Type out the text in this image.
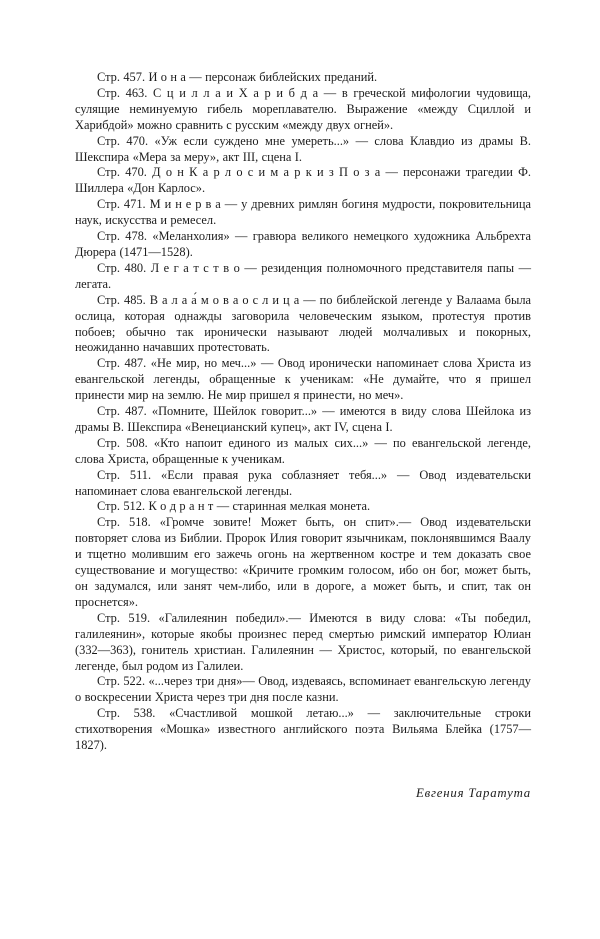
Стр. 457. И о н а — персонаж библейских преданий.

Стр. 463. С ц и л л а и Х а р и б д а — в греческой мифологии чудовища, сулящие неминуемую гибель мореплавателю. Выражение «между Сциллой и Харибдой» можно сравнить с русским «между двух огней».

Стр. 470. «Уж если суждено мне умереть...» — слова Клавдио из драмы В. Шекспира «Мера за меру», акт III, сцена I.

Стр. 470. Д о н К а р л о с и м а р к и з П о з а — персонажи трагедии Ф. Шиллера «Дон Карлос».

Стр. 471. М и н е р в а — у древних римлян богиня мудрости, покровительница наук, искусства и ремесел.

Стр. 478. «Меланхолия» — гравюра великого немецкого художника Альбрехта Дюрера (1471—1528).

Стр. 480. Л е г а т с т в о — резиденция полномочного представителя папы — легата.

Стр. 485. В а л а а́ м о в а о с л и ц а — по библейской легенде у Валаама была ослица, которая однажды заговорила человеческим языком, протестуя против побоев; обычно так иронически называют людей молчаливых и покорных, неожиданно начавших протестовать.

Стр. 487. «Не мир, но меч...» — Овод иронически напоминает слова Христа из евангельской легенды, обращенные к ученикам: «Не думайте, что я пришел принести мир на землю. Не мир пришел я принести, но меч».

Стр. 487. «Помните, Шейлок говорит...» — имеются в виду слова Шейлока из драмы В. Шекспира «Венецианский купец», акт IV, сцена I.

Стр. 508. «Кто напоит единого из малых сих...» — по евангельской легенде, слова Христа, обращенные к ученикам.

Стр. 511. «Если правая рука соблазняет тебя...» — Овод издевательски напоминает слова евангельской легенды.

Стр. 512. К о д р а н т — старинная мелкая монета.

Стр. 518. «Громче зовите! Может быть, он спит».— Овод издевательски повторяет слова из Библии. Пророк Илия говорит язычникам, поклонявшимся Ваалу и тщетно молившим его зажечь огонь на жертвенном костре и тем доказать свое существование и могущество: «Кричите громким голосом, ибо он бог, может быть, он задумался, или занят чем-либо, или в дороге, а может быть, и спит, так он проснется».

Стр. 519. «Галилеянин победил».— Имеются в виду слова: «Ты победил, галилеянин», которые якобы произнес перед смертью римский император Юлиан (332—363), гонитель христиан. Галилеянин — Христос, который, по евангельской легенде, был родом из Галилеи.

Стр. 522. «...через три дня»— Овод, издеваясь, вспоминает евангельскую легенду о воскресении Христа через три дня после казни.

Стр. 538. «Счастливой мошкой летаю...» — заключительные строки стихотворения «Мошка» известного английского поэта Вильяма Блейка (1757—1827).

Евгения Таратута
